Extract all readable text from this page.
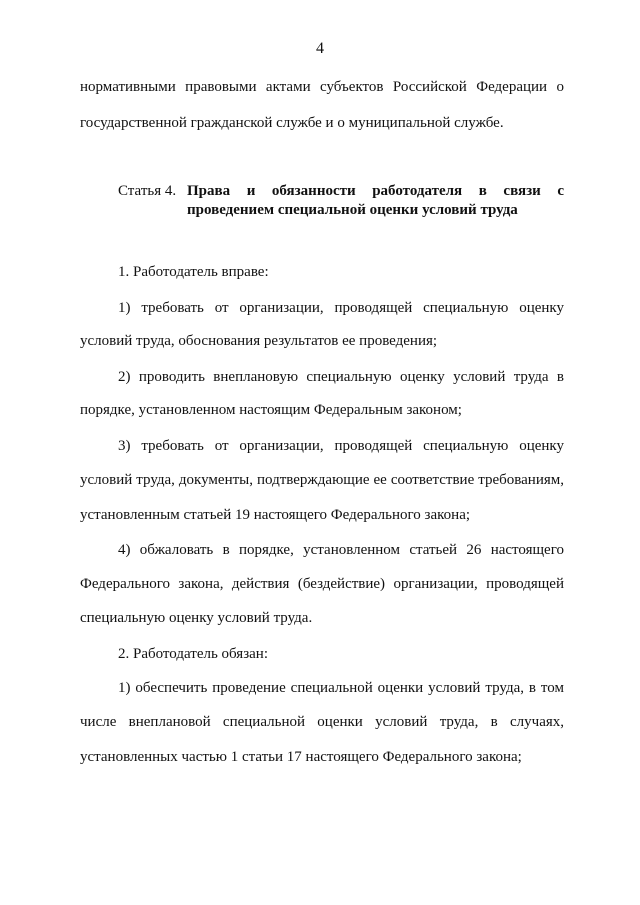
4
нормативными правовыми актами субъектов Российской Федерации о
государственной гражданской службе и о муниципальной службе.
Статья 4. Права и обязанности работодателя в связи с
проведением специальной оценки условий труда
1. Работодатель вправе:
1) требовать от организации, проводящей специальную оценку
условий труда, обоснования результатов ее проведения;
2) проводить внеплановую специальную оценку условий труда в
порядке, установленном настоящим Федеральным законом;
3) требовать от организации, проводящей специальную оценку
условий труда, документы, подтверждающие ее соответствие требованиям,
установленным статьей 19 настоящего Федерального закона;
4) обжаловать в порядке, установленном статьей 26 настоящего
Федерального закона, действия (бездействие) организации, проводящей
специальную оценку условий труда.
2. Работодатель обязан:
1) обеспечить проведение специальной оценки условий труда, в том
числе внеплановой специальной оценки условий труда, в случаях,
установленных частью 1 статьи 17 настоящего Федерального закона;
